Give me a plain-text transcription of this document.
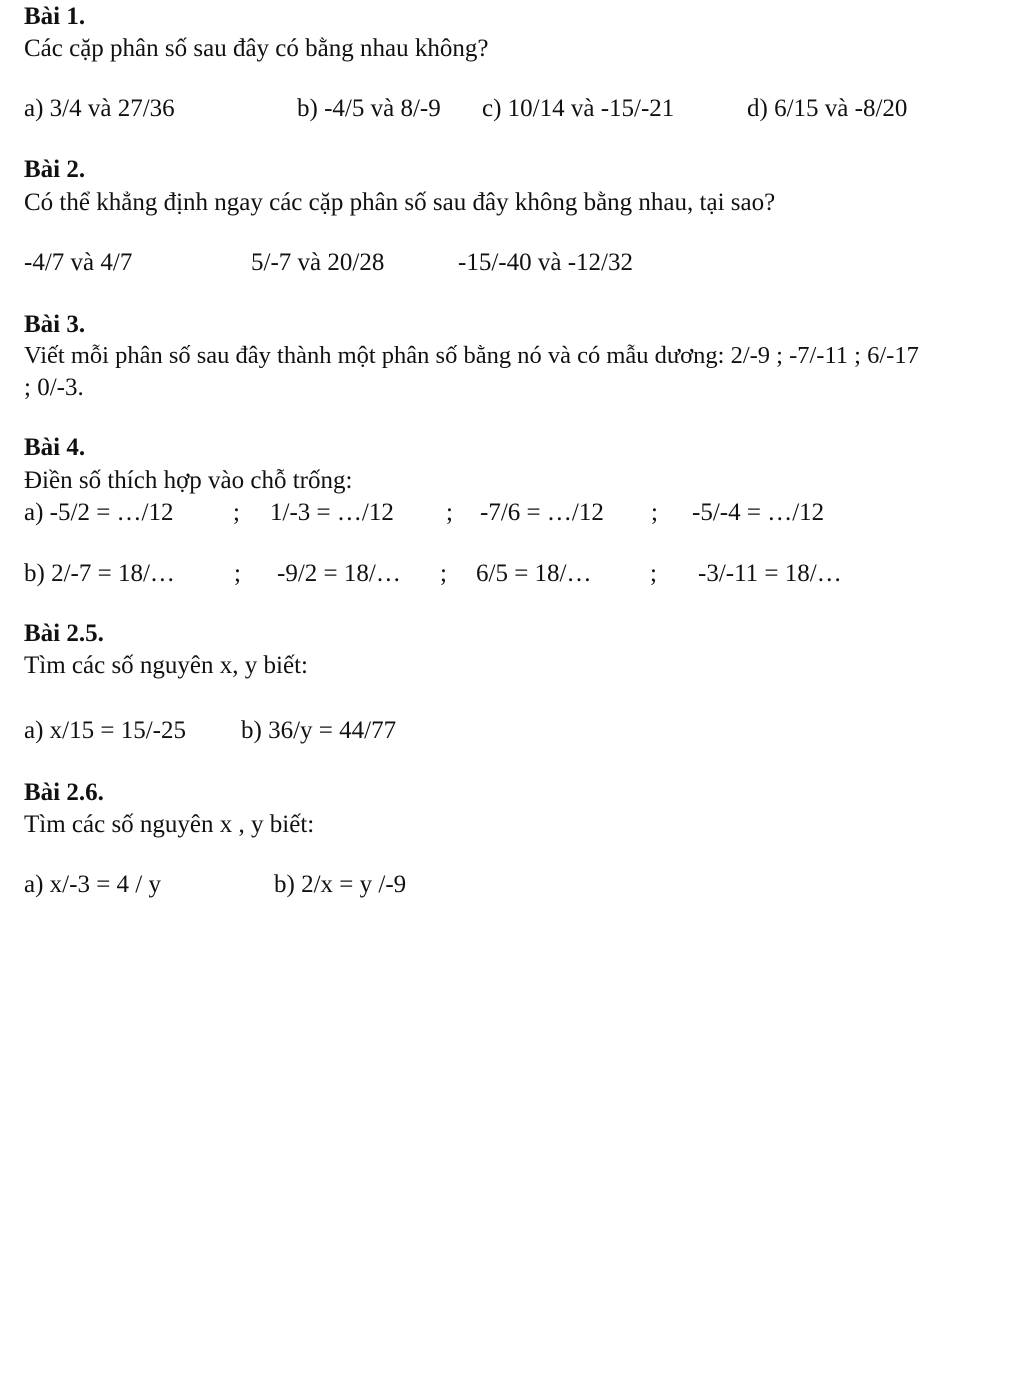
Bài 1.
Các cặp phân số sau đây có bằng nhau không?
a) 3/4 và 27/36	b) -4/5 và 8/-9 c) 10/14 và -15/-21	d) 6/15 và -8/20
Bài 2.
Có thể khẳng định ngay các cặp phân số sau đây không bằng nhau, tại sao?
-4/7 và 4/7	5/-7 và 20/28	-15/-40 và -12/32
Bài 3.
Viết mỗi phân số sau đây thành một phân số bằng nó và có mẫu dương: 2/-9 ; -7/-11 ; 6/-17
; 0/-3.
Bài 4.
Điền số thích hợp vào chỗ trống:
a) -5/2 = …/12 ; 1/-3 = …/12 ; -7/6 = …/12 ; -5/-4 = …/12
b) 2/-7 = 18/… ; -9/2 = 18/… ; 6/5 = 18/… ; -3/-11 = 18/…
Bài 2.5.
Tìm các số nguyên x, y biết:
a) x/15 = 15/-25 b) 36/y = 44/77
Bài 2.6.
Tìm các số nguyên x , y biết:
a) x/-3 = 4 / y	b) 2/x = y /-9
